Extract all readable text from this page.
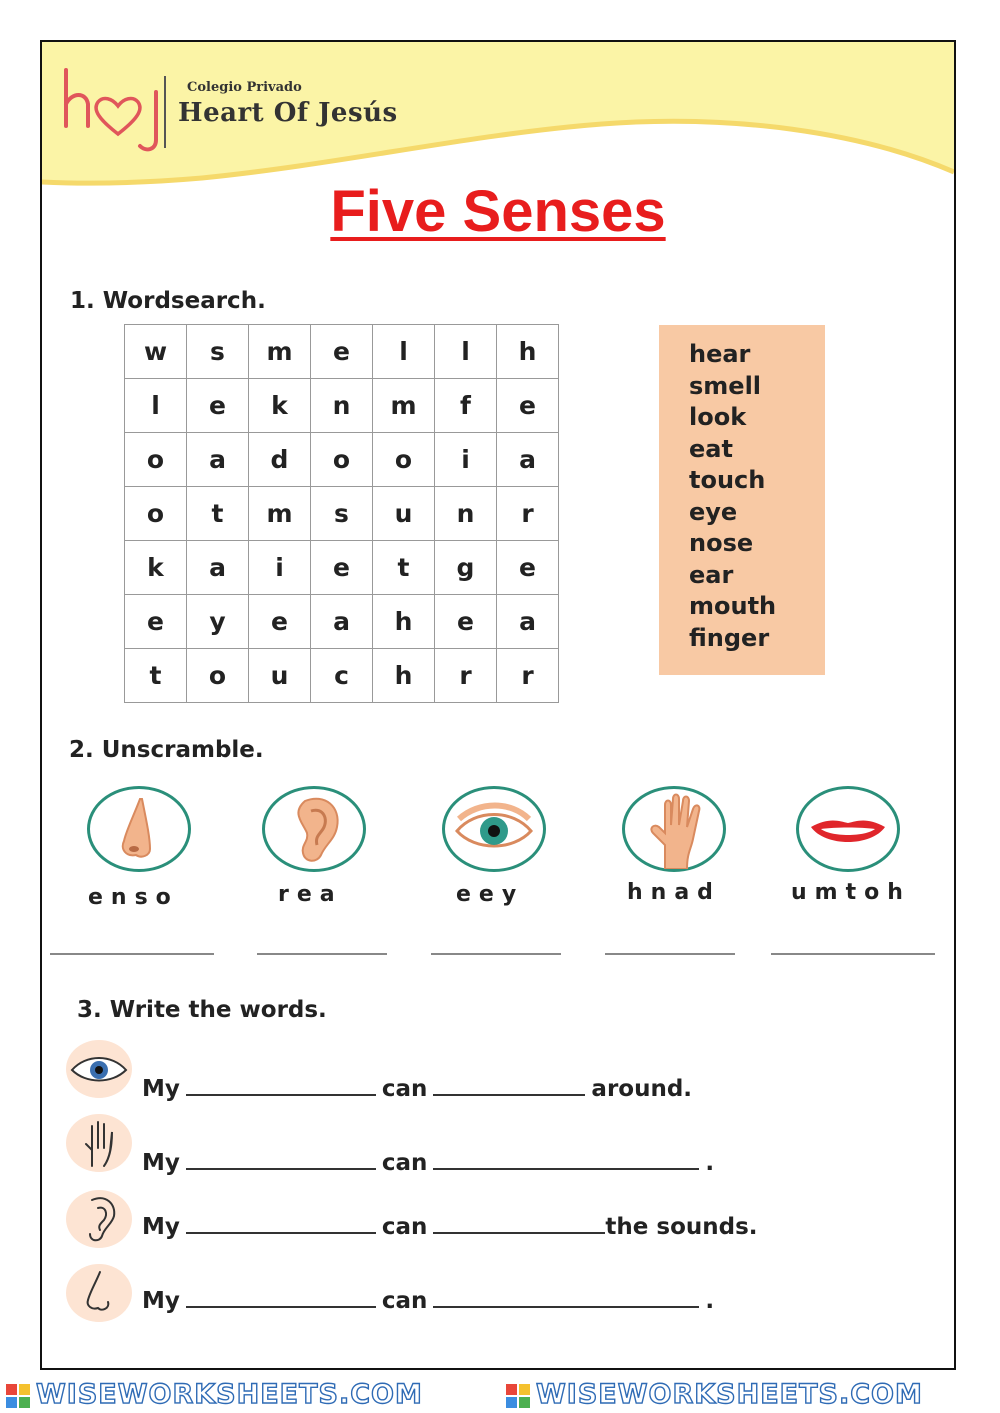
Colegio Privado
Heart Of Jesús
Five Senses
1. Wordsearch.
w	s	m	e	l	l	h
l	e	k	n	m	f	e
o	a	d	o	o	i	a
o	t	m	s	u	n	r
k	a	i	e	t	g	e
e	y	e	a	h	e	a
t	o	u	c	h	r	r
hear
smell
look
eat
touch
eye
nose
ear
mouth
finger
2. Unscramble.
enso	rea	eey	hnad	umtoh
3. Write the words.
My	can	around.
My	can	.
My	can	the sounds.
My	can	.
WISEWORKSHEETS.COM	WISEWORKSHEETS.COM
